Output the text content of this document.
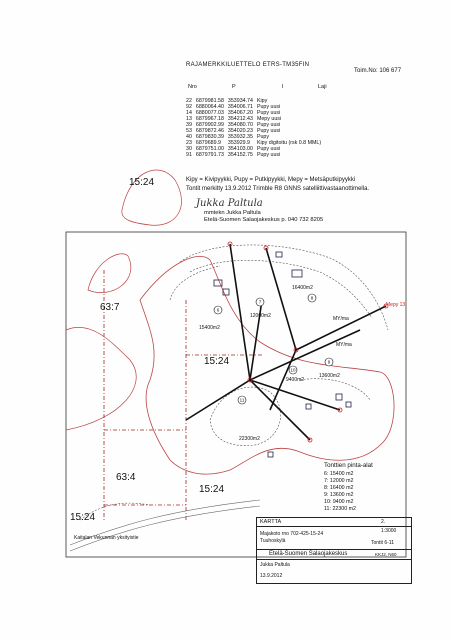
RAJAMERKKILUETTELO ETRS-TM35FIN
Toim.No: 106 677
Nro	P	I	Laji
22	6879981.58	353934.74	Kipy
92	6880064.40	354006.71	Pupy uusi
14	6880077.03	354067.20	Pupy uusi
13	6879967.18	354212.43	Mepy uusi
39	6879902.99	354080.70	Pupy uusi
53	6879872.46	354020.23	Pupy uusi
40	6879830.39	353932.35	Pupy
23	6879689.9	353929.9	Kipy digitoitu (rsk 0.8 MML)
30	6879751.00	354103.00	Pupy uusi
91	6879791.73	354152.75	Pupy uusi
Kipy = Kivipyykki, Pupy = Putkipyykki, Mepy = Metsäputkipyykki
Tontit merkitty 13.9.2012 Trimble R8 GNNS satelliittivastaanottimella.
Jukka Paltula
mmtekn Jukka Paltula
Etelä-Suomen Salaojakeskus p. 040 732 8205
6
7
8
9
10
11
15:24
63:7
15:24
63:4
15:24
15:24
15400m2
12000m2
16400m2
13600m2
9400m2
22300m2
MY/ma
MY/ma
Mepy 13
Kaitalan Vekunnan yksityistie
Tonttien pinta-alat
6: 15400 m2
7: 12000 m2
8: 16400 m2
9: 13600 m2
10: 9400 m2
11: 22300 m2
KARTTA	2.
Majakoto rno 702-425-15-24
Tuuhoskylä
1:3000
Tontit 6-11
Etelä-Suomen Salaojakeskus
Jukka Paltula
13.9.2012
KKJ2, N60
